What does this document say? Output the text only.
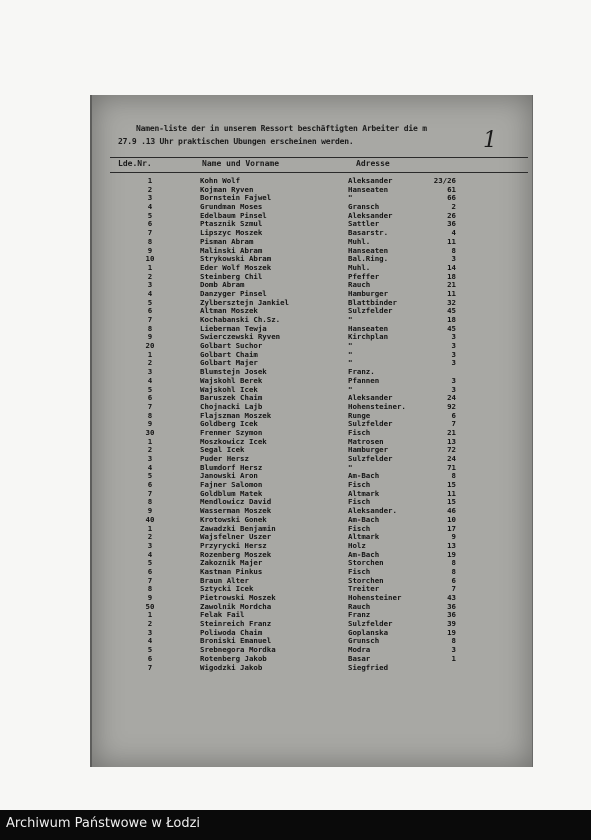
Namen-liste der in unserem Ressort beschäftigten Arbeiter die m
27.9 .13 Uhr praktischen Ubungen erscheinen werden.	1
Lde.Nr.	Name und Vorname	Adresse
1	Kohn Wolf	Aleksander	23/26
2	Kojman Ryven	Hanseaten	61
3	Bornstein Fajwel	"	66
4	Grundman Moses	Gransch	2
5	Edelbaum Pinsel	Aleksander	26
6	Ptasznik Szmul	Sattler	36
7	Lipszyc Moszek	Basarstr.	4
8	Pisman Abram	Muhl.	11
9	Malinski Abram	Hanseaten	8
10	Strykowski Abram	Bal.Ring.	3
1	Eder Wolf Moszek	Muhl.	14
2	Steinberg Chil	Pfeffer	18
3	Domb Abram	Rauch	21
4	Danzyger Pinsel	Hamburger	11
5	Zylbersztejn Jankiel	Blattbinder	32
6	Altman Moszek	Sulzfelder	45
7	Kochabanski Ch.Sz.	"	18
8	Lieberman Tewja	Hanseaten	45
9	Swierczewski Ryven	Kirchplan	3
20	Golbart Suchor	"	3
1	Golbart Chaim	"	3
2	Golbart Majer	"	3
3	Blumstejn Josek	Franz.
4	Wajskohl Berek	Pfannen	3
5	Wajskohl Icek	"	3
6	Baruszek Chaim	Aleksander	24
7	Chojnacki Lajb	Hohensteiner.	92
8	Flajszman Moszek	Runge	6
9	Goldberg Icek	Sulzfelder	7
30	Frenmer Szymon	Fisch	21
1	Moszkowicz Icek	Matrosen	13
2	Segal Icek	Hamburger	72
3	Puder Hersz	Sulzfelder	24
4	Blumdorf Hersz	"	71
5	Janowski Aron	Am-Bach	8
6	Fajner Salomon	Fisch	15
7	Goldblum Matek	Altmark	11
8	Mendlowicz David	Fisch	15
9	Wasserman Moszek	Aleksander.	46
40	Krotowski Gonek	Am-Bach	10
1	Zawadzki Benjamin	Fisch	17
2	Wajsfelner Uszer	Altmark	9
3	Przyrycki Hersz	Holz	13
4	Rozenberg Moszek	Am-Bach	19
5	Zakoznik Majer	Storchen	8
6	Kastman Pinkus	Fisch	8
7	Braun Alter	Storchen	6
8	Sztycki Icek	Treiter	7
9	Pietrowski Moszek	Hohensteiner	43
50	Zawolnik Mordcha	Rauch	36
1	Felak Fail	Franz	36
2	Steinreich Franz	Sulzfelder	39
3	Poliwoda Chaim	Goplanska	19
4	Broniski Emanuel	Grunsch	8
5	Srebnegora Mordka	Modra	3
6	Rotenberg Jakob	Basar	1
7	Wigodzki Jakob	Siegfried
Archiwum Państwowe w Łodzi
